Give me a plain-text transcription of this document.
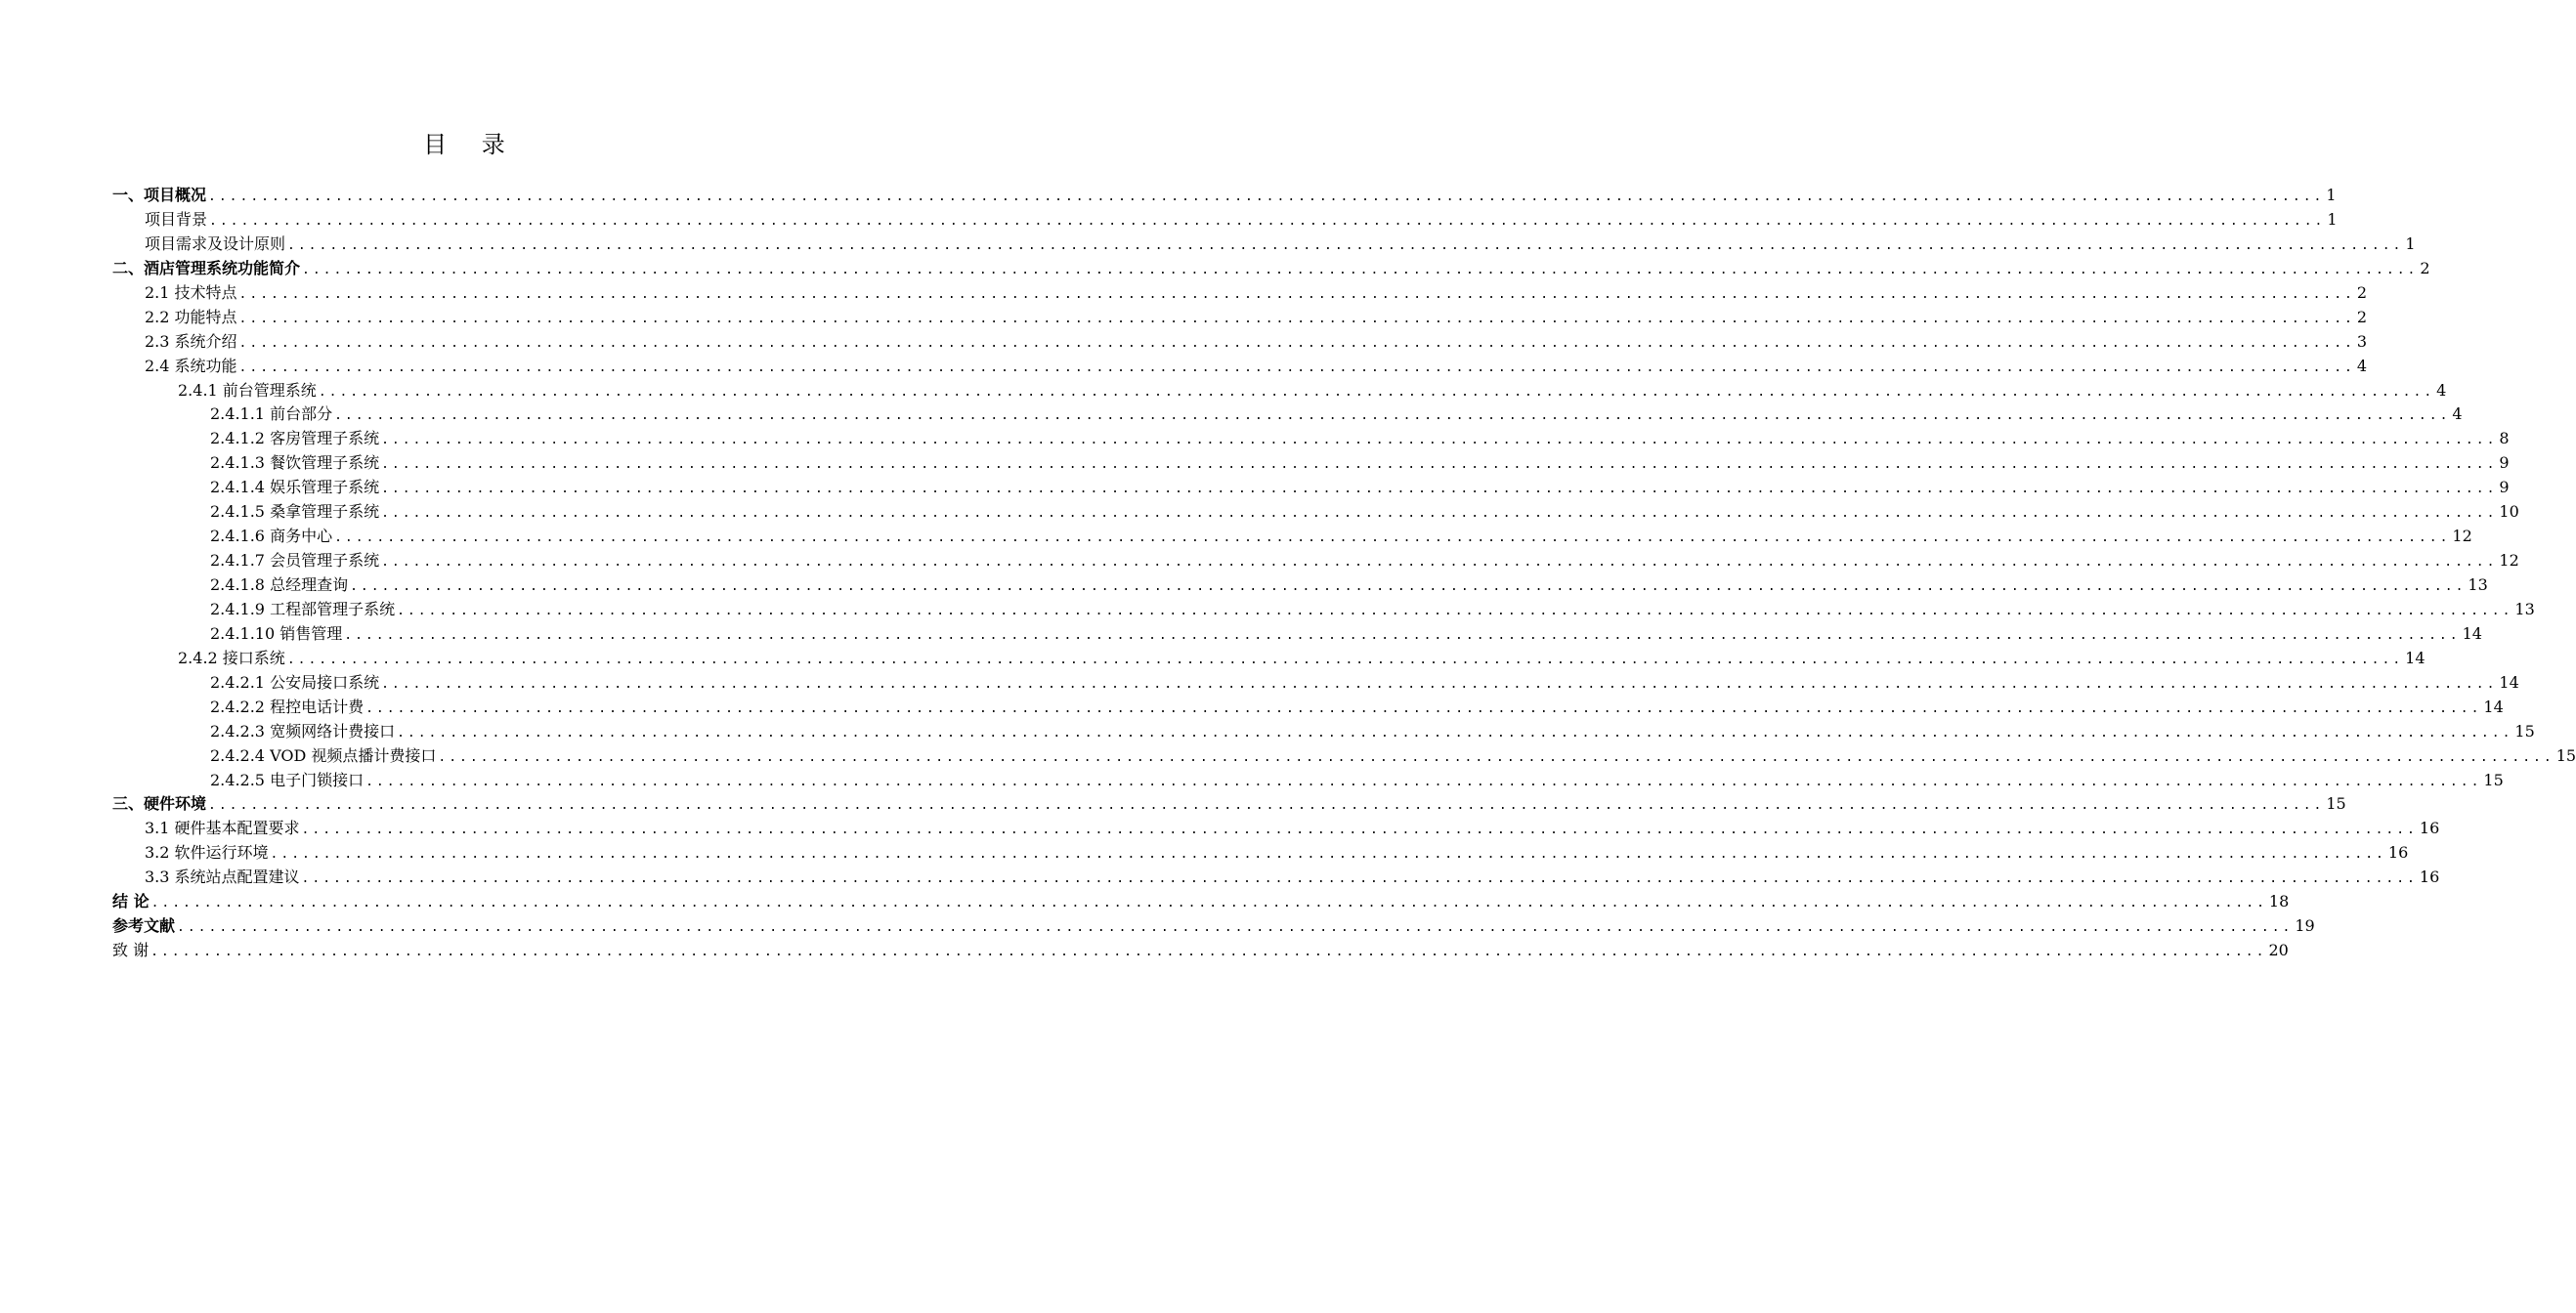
目 录
一、项目概况 ........................................................................................................................................................................................................ 1
项目背景 ........................................................................................................................................................................................................ 1
项目需求及设计原则 ........................................................................................................................................................................................................ 1
二、酒店管理系统功能简介 ........................................................................................................................................................................................................ 2
2.1 技术特点 ........................................................................................................................................................................................................ 2
2.2 功能特点 ........................................................................................................................................................................................................ 2
2.3 系统介绍 ........................................................................................................................................................................................................ 3
2.4 系统功能 ........................................................................................................................................................................................................ 4
2.4.1 前台管理系统 ........................................................................................................................................................................................................ 4
2.4.1.1 前台部分 ........................................................................................................................................................................................................ 4
2.4.1.2 客房管理子系统 ........................................................................................................................................................................................................ 8
2.4.1.3 餐饮管理子系统 ........................................................................................................................................................................................................ 9
2.4.1.4 娱乐管理子系统 ........................................................................................................................................................................................................ 9
2.4.1.5 桑拿管理子系统 ........................................................................................................................................................................................................ 10
2.4.1.6 商务中心 ........................................................................................................................................................................................................ 12
2.4.1.7 会员管理子系统 ........................................................................................................................................................................................................ 12
2.4.1.8 总经理查询 ........................................................................................................................................................................................................ 13
2.4.1.9 工程部管理子系统 ........................................................................................................................................................................................................ 13
2.4.1.10 销售管理 ........................................................................................................................................................................................................ 14
2.4.2 接口系统 ........................................................................................................................................................................................................ 14
2.4.2.1 公安局接口系统 ........................................................................................................................................................................................................ 14
2.4.2.2 程控电话计费 ........................................................................................................................................................................................................ 14
2.4.2.3 宽频网络计费接口 ........................................................................................................................................................................................................ 15
2.4.2.4 VOD 视频点播计费接口 ........................................................................................................................................................................................................ 15
2.4.2.5 电子门锁接口 ........................................................................................................................................................................................................ 15
三、硬件环境 ........................................................................................................................................................................................................ 15
3.1 硬件基本配置要求 ........................................................................................................................................................................................................ 16
3.2 软件运行环境 ........................................................................................................................................................................................................ 16
3.3 系统站点配置建议 ........................................................................................................................................................................................................ 16
结 论 ........................................................................................................................................................................................................ 18
参考文献 ........................................................................................................................................................................................................ 19
致 谢 ........................................................................................................................................................................................................ 20
